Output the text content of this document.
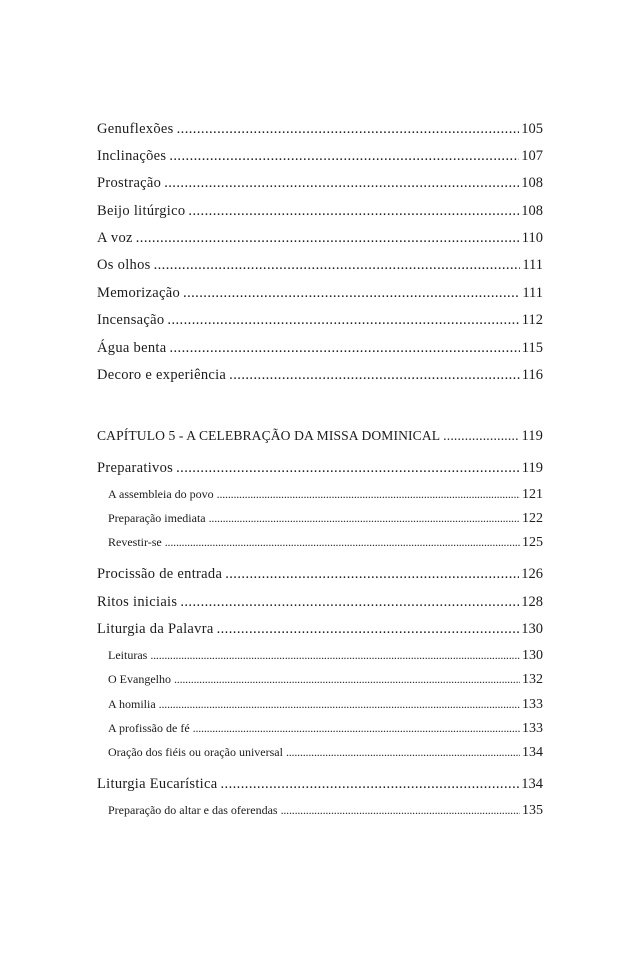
Genuflexões . . .	105
Inclinações . . .	107
Prostração . . .	108
Beijo litúrgico . . .	108
A voz . . .	110
Os olhos . . .	111
Memorização . . .	111
Incensação . . .	112
Água benta . . .	115
Decoro e experiência . . .	116
CAPÍTULO 5 - A CELEBRAÇÃO DA MISSA DOMINICAL . . .	119
Preparativos . . .	119
A assembleia do povo . . .	121
Preparação imediata . . .	122
Revestir-se . . .	125
Procissão de entrada . . .	126
Ritos iniciais . . .	128
Liturgia da Palavra . . .	130
Leituras . . .	130
O Evangelho . . .	132
A homilia . . .	133
A profissão de fé . . .	133
Oração dos fiéis ou oração universal . . .	134
Liturgia Eucarística . . .	134
Preparação do altar e das oferendas . . .	135
